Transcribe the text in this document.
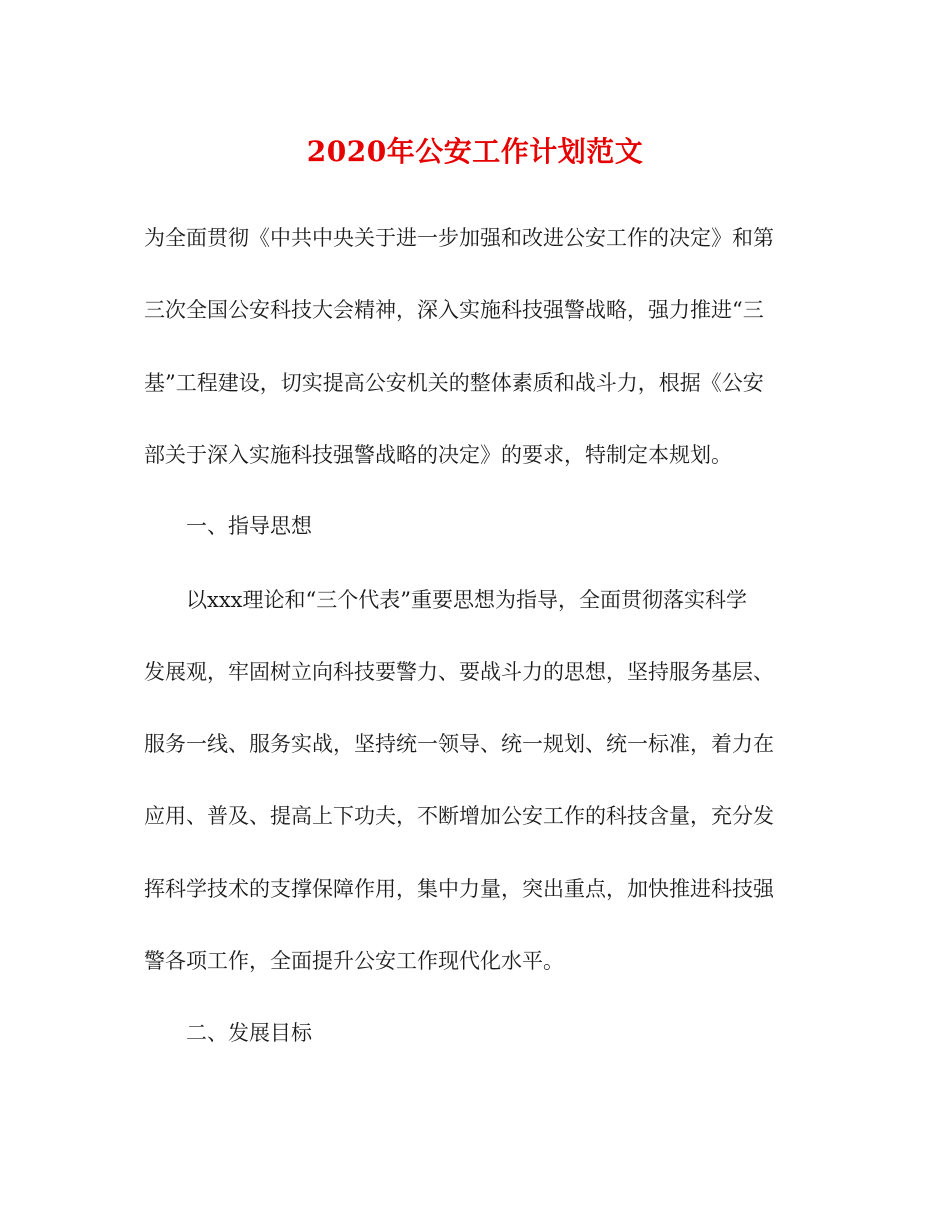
2020年公安工作计划范文
为全面贯彻《中共中央关于进一步加强和改进公安工作的决定》和第
三次全国公安科技大会精神，深入实施科技强警战略，强力推进“三
基”工程建设，切实提高公安机关的整体素质和战斗力，根据《公安
部关于深入实施科技强警战略的决定》的要求，特制定本规划。
一、指导思想
以xxx理论和“三个代表”重要思想为指导，全面贯彻落实科学
发展观，牢固树立向科技要警力、要战斗力的思想，坚持服务基层、
服务一线、服务实战，坚持统一领导、统一规划、统一标准，着力在
应用、普及、提高上下功夫，不断增加公安工作的科技含量，充分发
挥科学技术的支撑保障作用，集中力量，突出重点，加快推进科技强
警各项工作，全面提升公安工作现代化水平。
二、发展目标
